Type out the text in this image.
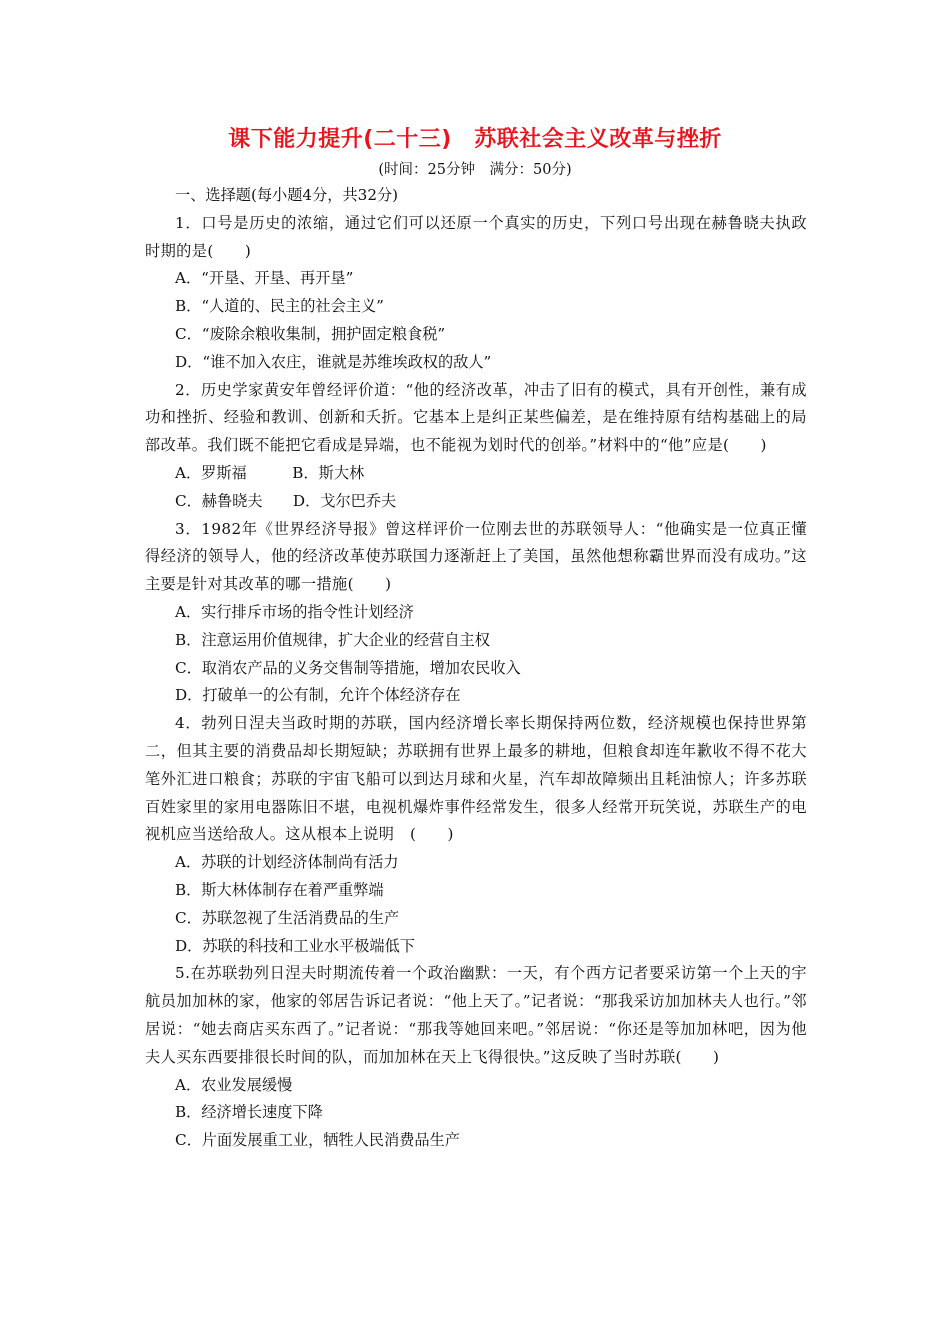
课下能力提升(二十三)　苏联社会主义改革与挫折
(时间：25分钟　满分：50分)
一、选择题(每小题4分，共32分)
1．口号是历史的浓缩，通过它们可以还原一个真实的历史，下列口号出现在赫鲁晓夫执政时期的是(　　)
A．“开垦、开垦、再开垦”
B．“人道的、民主的社会主义”
C．“废除余粮收集制，拥护固定粮食税”
D．“谁不加入农庄，谁就是苏维埃政权的敌人”
2．历史学家黄安年曾经评价道：“他的经济改革，冲击了旧有的模式，具有开创性，兼有成功和挫折、经验和教训、创新和夭折。它基本上是纠正某些偏差，是在维持原有结构基础上的局部改革。我们既不能把它看成是异端，也不能视为划时代的创举。”材料中的“他”应是(　　)
A．罗斯福　　　B．斯大林
C．赫鲁晓夫　　D．戈尔巴乔夫
3．1982年《世界经济导报》曾这样评价一位刚去世的苏联领导人：“他确实是一位真正懂得经济的领导人，他的经济改革使苏联国力逐渐赶上了美国，虽然他想称霸世界而没有成功。”这主要是针对其改革的哪一措施(　　)
A．实行排斥市场的指令性计划经济
B．注意运用价值规律，扩大企业的经营自主权
C．取消农产品的义务交售制等措施，增加农民收入
D．打破单一的公有制，允许个体经济存在
4．勃列日涅夫当政时期的苏联，国内经济增长率长期保持两位数，经济规模也保持世界第二，但其主要的消费品却长期短缺；苏联拥有世界上最多的耕地，但粮食却连年歉收不得不花大笔外汇进口粮食；苏联的宇宙飞船可以到达月球和火星，汽车却故障频出且耗油惊人；许多苏联百姓家里的家用电器陈旧不堪，电视机爆炸事件经常发生，很多人经常开玩笑说，苏联生产的电视机应当送给敌人。这从根本上说明　(　　)
A．苏联的计划经济体制尚有活力
B．斯大林体制存在着严重弊端
C．苏联忽视了生活消费品的生产
D．苏联的科技和工业水平极端低下
5.在苏联勃列日涅夫时期流传着一个政治幽默：一天，有个西方记者要采访第一个上天的宇航员加加林的家，他家的邻居告诉记者说：“他上天了。”记者说：“那我采访加加林夫人也行。”邻居说：“她去商店买东西了。”记者说：“那我等她回来吧。”邻居说：“你还是等加加林吧，因为他夫人买东西要排很长时间的队，而加加林在天上飞得很快。”这反映了当时苏联(　　)
A．农业发展缓慢
B．经济增长速度下降
C．片面发展重工业，牺牲人民消费品生产
